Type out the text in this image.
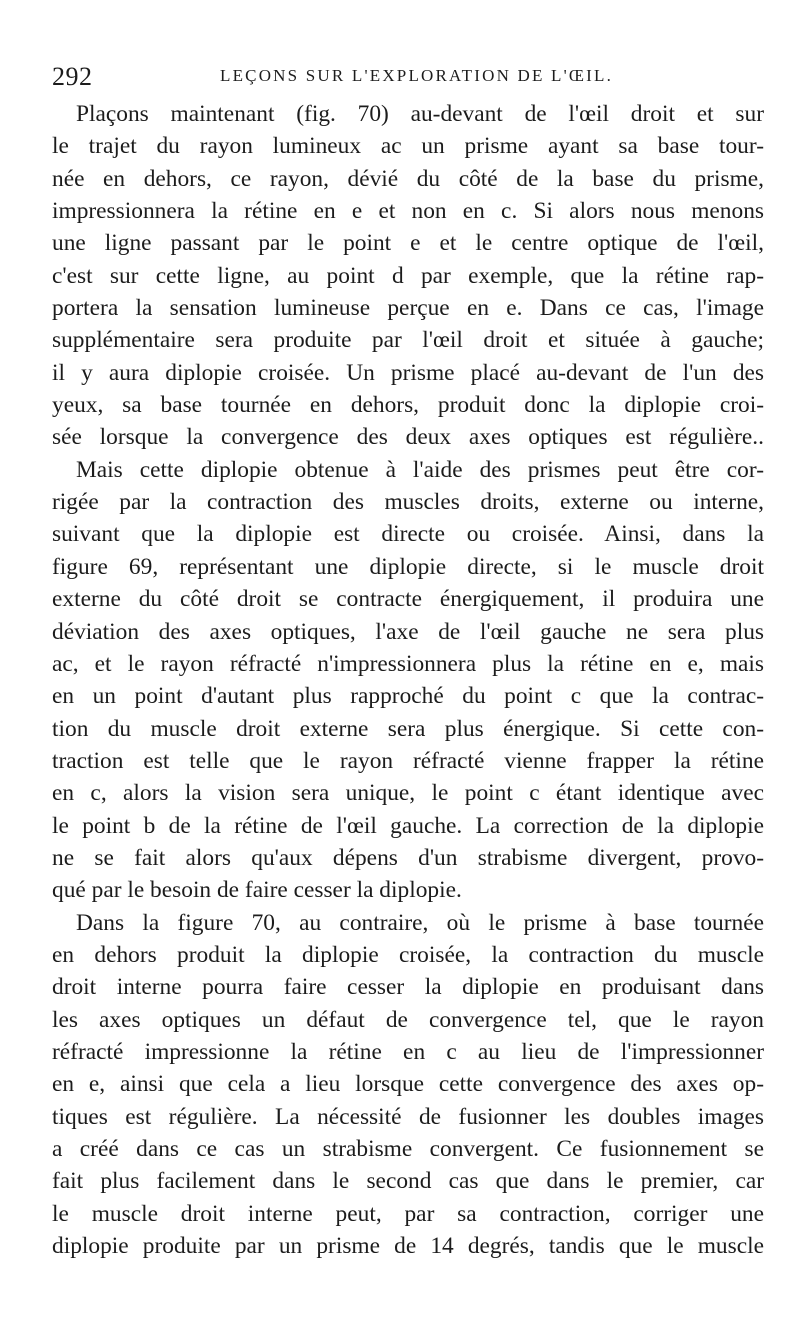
292	LEÇONS SUR L'EXPLORATION DE L'ŒIL.
Plaçons maintenant (fig. 70) au-devant de l'œil droit et sur
le trajet du rayon lumineux ac un prisme ayant sa base tour-
née en dehors, ce rayon, dévié du côté de la base du prisme,
impressionnera la rétine en e et non en c. Si alors nous menons
une ligne passant par le point e et le centre optique de l'œil,
c'est sur cette ligne, au point d par exemple, que la rétine rap-
portera la sensation lumineuse perçue en e. Dans ce cas, l'image
supplémentaire sera produite par l'œil droit et située à gauche;
il y aura diplopie croisée. Un prisme placé au-devant de l'un des
yeux, sa base tournée en dehors, produit donc la diplopie croi-
sée lorsque la convergence des deux axes optiques est régulière..
Mais cette diplopie obtenue à l'aide des prismes peut être cor-
rigée par la contraction des muscles droits, externe ou interne,
suivant que la diplopie est directe ou croisée. Ainsi, dans la
figure 69, représentant une diplopie directe, si le muscle droit
externe du côté droit se contracte énergiquement, il produira une
déviation des axes optiques, l'axe de l'œil gauche ne sera plus
ac, et le rayon réfracté n'impressionnera plus la rétine en e, mais
en un point d'autant plus rapproché du point c que la contrac-
tion du muscle droit externe sera plus énergique. Si cette con-
traction est telle que le rayon réfracté vienne frapper la rétine
en c, alors la vision sera unique, le point c étant identique avec
le point b de la rétine de l'œil gauche. La correction de la diplopie
ne se fait alors qu'aux dépens d'un strabisme divergent, provo-
qué par le besoin de faire cesser la diplopie.
Dans la figure 70, au contraire, où le prisme à base tournée
en dehors produit la diplopie croisée, la contraction du muscle
droit interne pourra faire cesser la diplopie en produisant dans
les axes optiques un défaut de convergence tel, que le rayon
réfracté impressionne la rétine en c au lieu de l'impressionner
en e, ainsi que cela a lieu lorsque cette convergence des axes op-
tiques est régulière. La nécessité de fusionner les doubles images
a créé dans ce cas un strabisme convergent. Ce fusionnement se
fait plus facilement dans le second cas que dans le premier, car
le muscle droit interne peut, par sa contraction, corriger une
diplopie produite par un prisme de 14 degrés, tandis que le muscle
